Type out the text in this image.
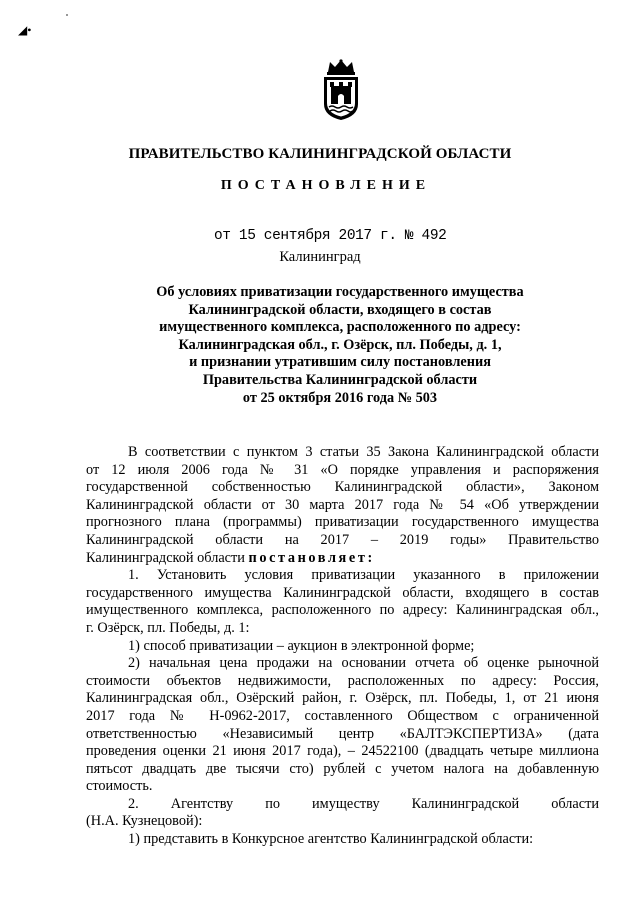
◢•
ПРАВИТЕЛЬСТВО КАЛИНИНГРАДСКОЙ ОБЛАСТИ
ПОСТАНОВЛЕНИЕ
от 15 сентября 2017 г. № 492
Калининград
Об условиях приватизации государственного имущества
Калининградской области, входящего в состав
имущественного комплекса, расположенного по адресу:
Калининградская обл., г. Озёрск, пл. Победы, д. 1,
и признании утратившим силу постановления
Правительства Калининградской области
от 25 октября 2016 года № 503
В соответствии с пунктом 3 статьи 35 Закона Калининградской области
от 12 июля 2006 года № 31 «О порядке управления и распоряжения
государственной собственностью Калининградской области», Законом
Калининградской области от 30 марта 2017 года № 54 «Об утверждении
прогнозного плана (программы) приватизации государственного имущества
Калининградской области на 2017 – 2019 годы» Правительство
Калининградской области постановляет:
1. Установить условия приватизации указанного в приложении
государственного имущества Калининградской области, входящего в состав
имущественного комплекса, расположенного по адресу: Калининградская обл.,
г. Озёрск, пл. Победы, д. 1:
1) способ приватизации – аукцион в электронной форме;
2) начальная цена продажи на основании отчета об оценке рыночной
стоимости объектов недвижимости, расположенных по адресу: Россия,
Калининградская обл., Озёрский район, г. Озёрск, пл. Победы, 1, от 21 июня
2017 года № Н-0962-2017, составленного Обществом с ограниченной
ответственностью «Независимый центр «БАЛТЭКСПЕРТИЗА» (дата
проведения оценки 21 июня 2017 года), – 24522100 (двадцать четыре миллиона
пятьсот двадцать две тысячи сто) рублей с учетом налога на добавленную
стоимость.
2. Агентству по имуществу Калининградской области
(Н.А. Кузнецовой):
1) представить в Конкурсное агентство Калининградской области:
